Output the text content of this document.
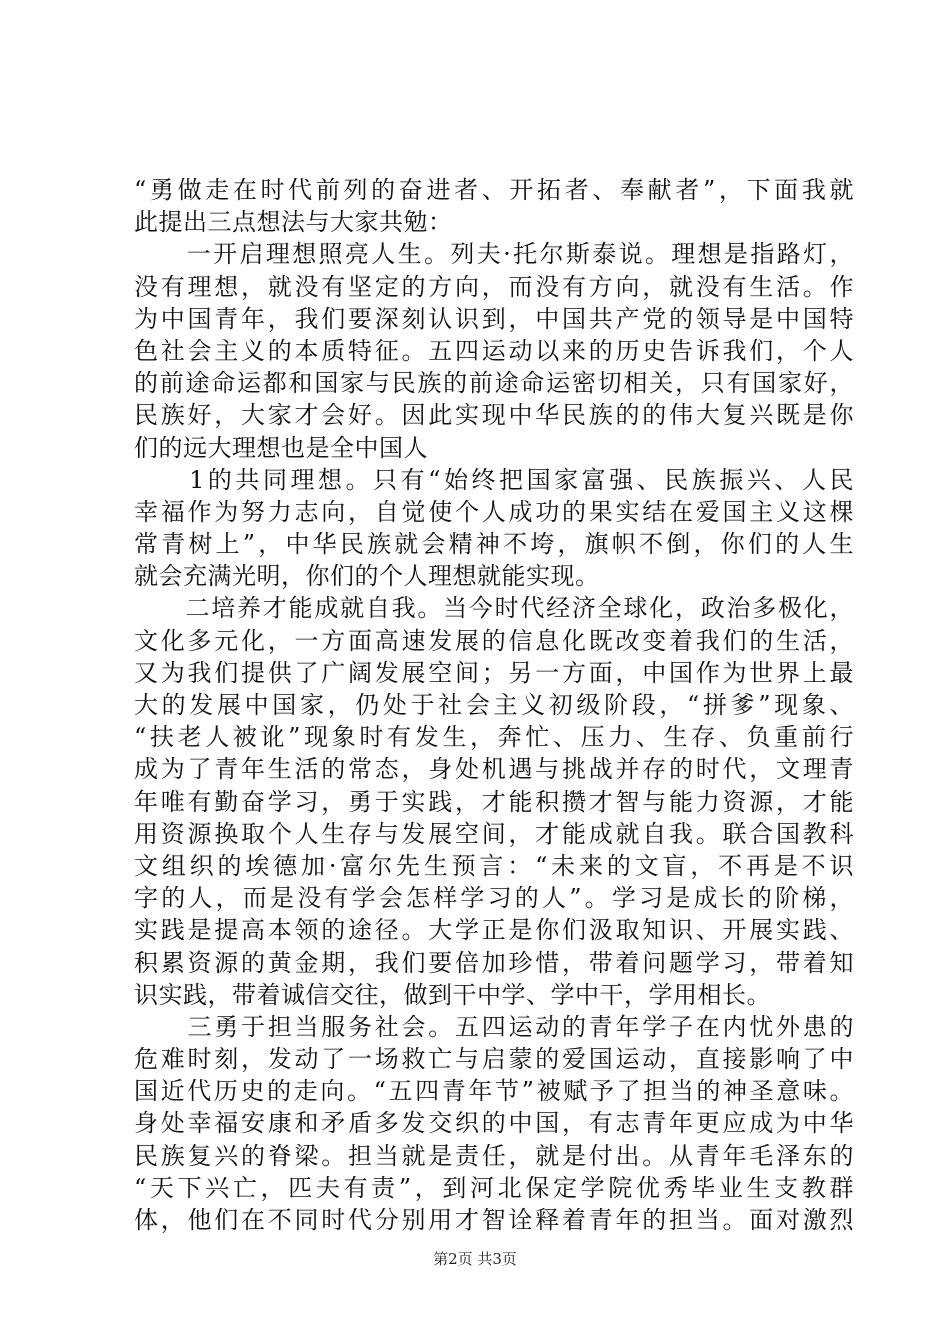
“勇做走在时代前列的奋进者、开拓者、奉献者”，下面我就
此提出三点想法与大家共勉：
　　一开启理想照亮人生。列夫·托尔斯泰说。理想是指路灯，
没有理想，就没有坚定的方向，而没有方向，就没有生活。作
为中国青年，我们要深刻认识到，中国共产党的领导是中国特
色社会主义的本质特征。五四运动以来的历史告诉我们，个人
的前途命运都和国家与民族的前途命运密切相关，只有国家好，
民族好，大家才会好。因此实现中华民族的的伟大复兴既是你
们的远大理想也是全中国人
　　1的共同理想。只有“始终把国家富强、民族振兴、人民
幸福作为努力志向，自觉使个人成功的果实结在爱国主义这棵
常青树上”，中华民族就会精神不垮，旗帜不倒，你们的人生
就会充满光明，你们的个人理想就能实现。
　　二培养才能成就自我。当今时代经济全球化，政治多极化，
文化多元化，一方面高速发展的信息化既改变着我们的生活，
又为我们提供了广阔发展空间；另一方面，中国作为世界上最
大的发展中国家，仍处于社会主义初级阶段，“拼爹”现象、
“扶老人被讹”现象时有发生，奔忙、压力、生存、负重前行
成为了青年生活的常态，身处机遇与挑战并存的时代，文理青
年唯有勤奋学习，勇于实践，才能积攒才智与能力资源，才能
用资源换取个人生存与发展空间，才能成就自我。联合国教科
文组织的埃德加·富尔先生预言：“未来的文盲，不再是不识
字的人，而是没有学会怎样学习的人”。学习是成长的阶梯，
实践是提高本领的途径。大学正是你们汲取知识、开展实践、
积累资源的黄金期，我们要倍加珍惜，带着问题学习，带着知
识实践，带着诚信交往，做到干中学、学中干，学用相长。
　　三勇于担当服务社会。五四运动的青年学子在内忧外患的
危难时刻，发动了一场救亡与启蒙的爱国运动，直接影响了中
国近代历史的走向。“五四青年节”被赋予了担当的神圣意味。
身处幸福安康和矛盾多发交织的中国，有志青年更应成为中华
民族复兴的脊梁。担当就是责任，就是付出。从青年毛泽东的
“天下兴亡，匹夫有责”，到河北保定学院优秀毕业生支教群
体，他们在不同时代分别用才智诠释着青年的担当。面对激烈
第2页 共3页
